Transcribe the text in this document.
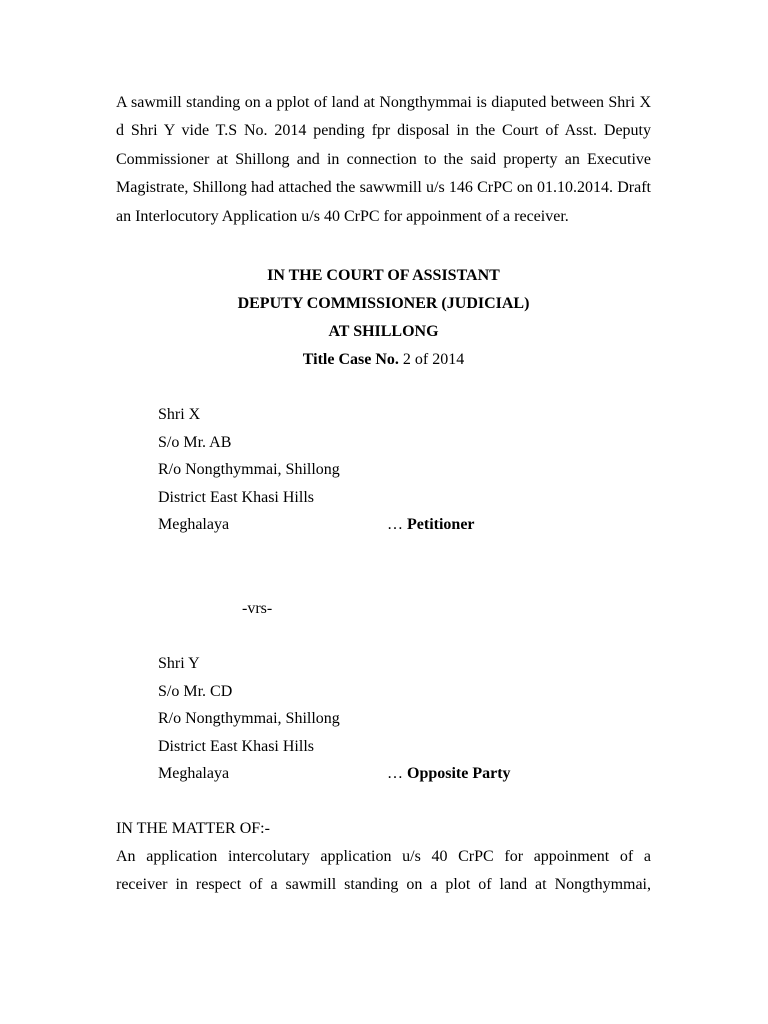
A sawmill standing on a pplot of land at Nongthymmai is diaputed between Shri X d Shri Y vide T.S No. 2014 pending fpr disposal in the Court of Asst. Deputy Commissioner at Shillong and in connection to the said property an Executive Magistrate, Shillong had attached the sawwmill u/s 146 CrPC on 01.10.2014. Draft an Interlocutory Application u/s 40 CrPC for appoinment of a receiver.

IN THE COURT OF ASSISTANT
DEPUTY COMMISSIONER (JUDICIAL)
AT SHILLONG
Title Case No. 2 of 2014
Shri X
S/o Mr. AB
R/o Nongthymmai, Shillong
District East Khasi Hills
Meghalaya	… Petitioner
-vrs-
Shri Y
S/o Mr. CD
R/o Nongthymmai, Shillong
District East Khasi Hills
Meghalaya	… Opposite Party
IN THE MATTER OF:-

An application intercolutary application u/s 40 CrPC for appoinment of a

receiver in respect of a sawmill standing on a plot of land at Nongthymmai,
